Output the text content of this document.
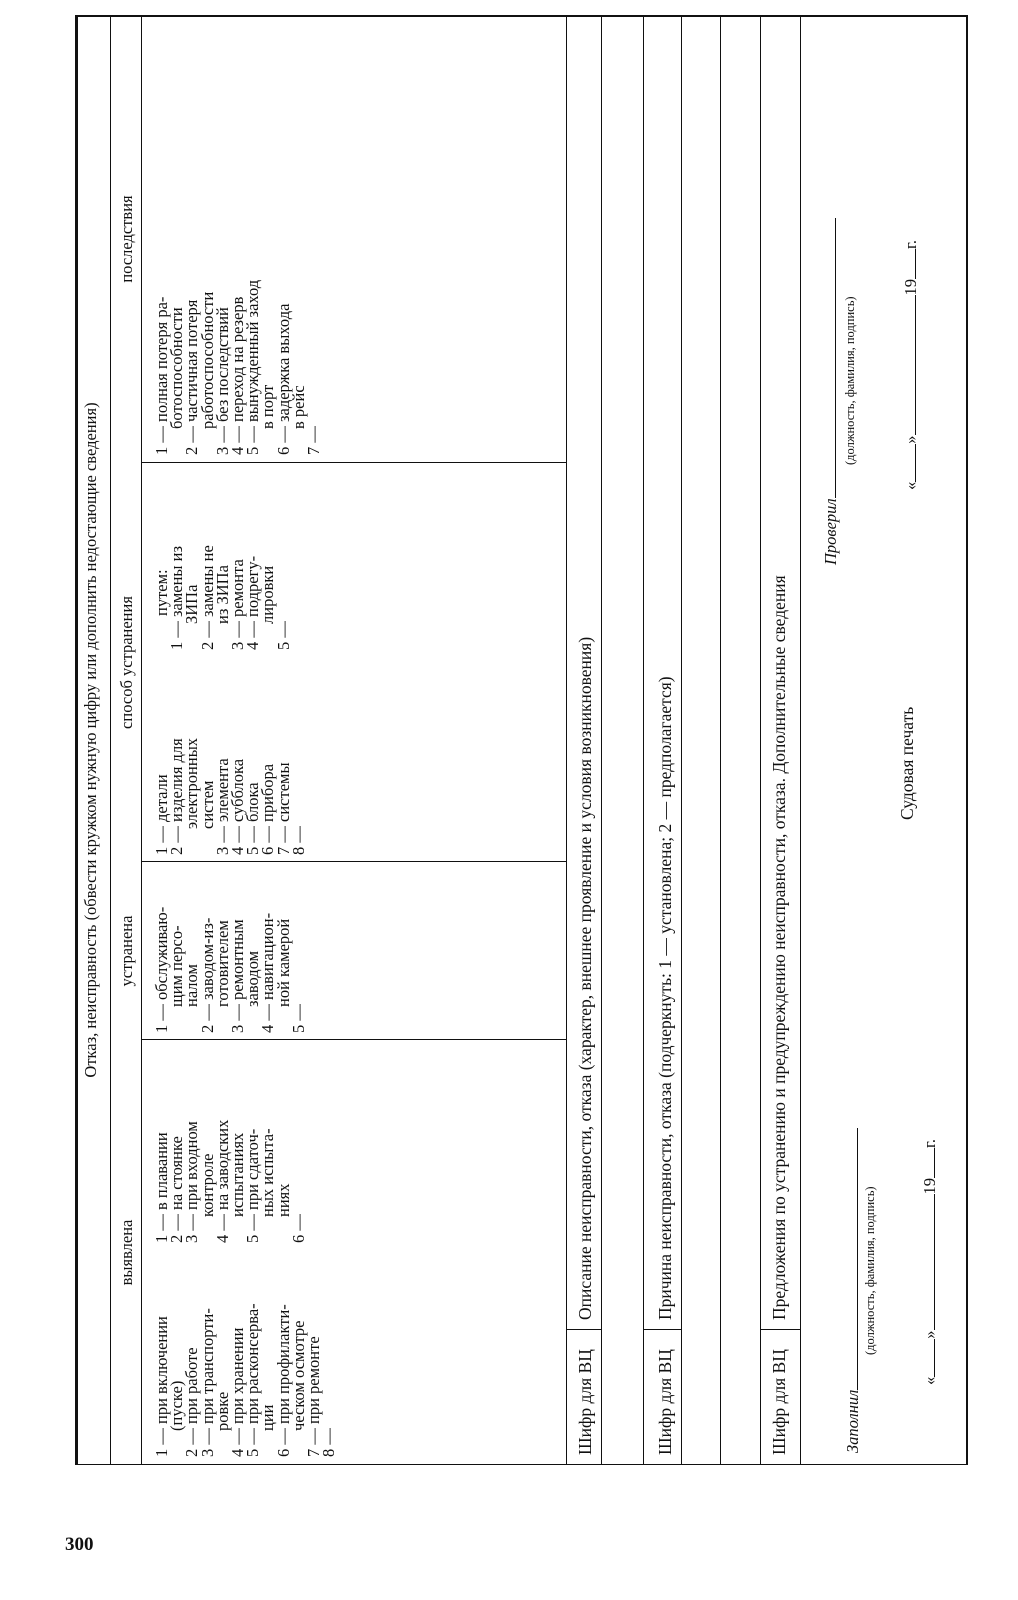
300
Отказ, неисправность (обвести кружком нужную цифру или дополнить недостающие сведения)
выявлена
устранена
способ устранения
последствия
1 — при включении
(пуске)
2 — при работе
3 — при транспорти-
ровке
4 — при хранении
5 — при расконсерва-
ции
6 — при профилакти-
ческом осмотре
7 — при ремонте
8 —
1 — в плавании
2 — на стоянке
3 — при входном
контроле
4 — на заводских
испытаниях
5 — при сдаточ-
ных испыта-
ниях
6 —
1 — обслуживаю-
щим персо-
налом
2 — заводом-из-
готовителем
3 — ремонтным
заводом
4 — навигацион-
ной камерой
5 —
1 — детали
2 — изделия для
электронных
систем
3 — элемента
4 — субблока
5 — блока
6 — прибора
7 — системы
8 —
путем:
1 — замены из
ЗИПа
2 — замены не
из ЗИПа
3 — ремонта
4 — подрегу-
лировки
5 —
1 — полная потеря ра-
ботоспособности
2 — частичная потеря
работоспособности
3 — без последствий
4 — переход на резерв
5 — вынужденный заход
в порт
6 — задержка выхода
в рейс
7 —
Шифр для ВЦ
Описание неисправности, отказа (характер, внешнее проявление и условия возникновения)
Шифр для ВЦ
Причина неисправности, отказа (подчеркнуть: 1 — установлена; 2 — предполагается)
Шифр для ВЦ
Предложения по устранению и предупреждению неисправности, отказа. Дополнительные сведения
Заполнил
(должность, фамилия, подпись)
«»19г.
Судовая печать
Проверил
(должность, фамилия, подпись)
«»19г.
